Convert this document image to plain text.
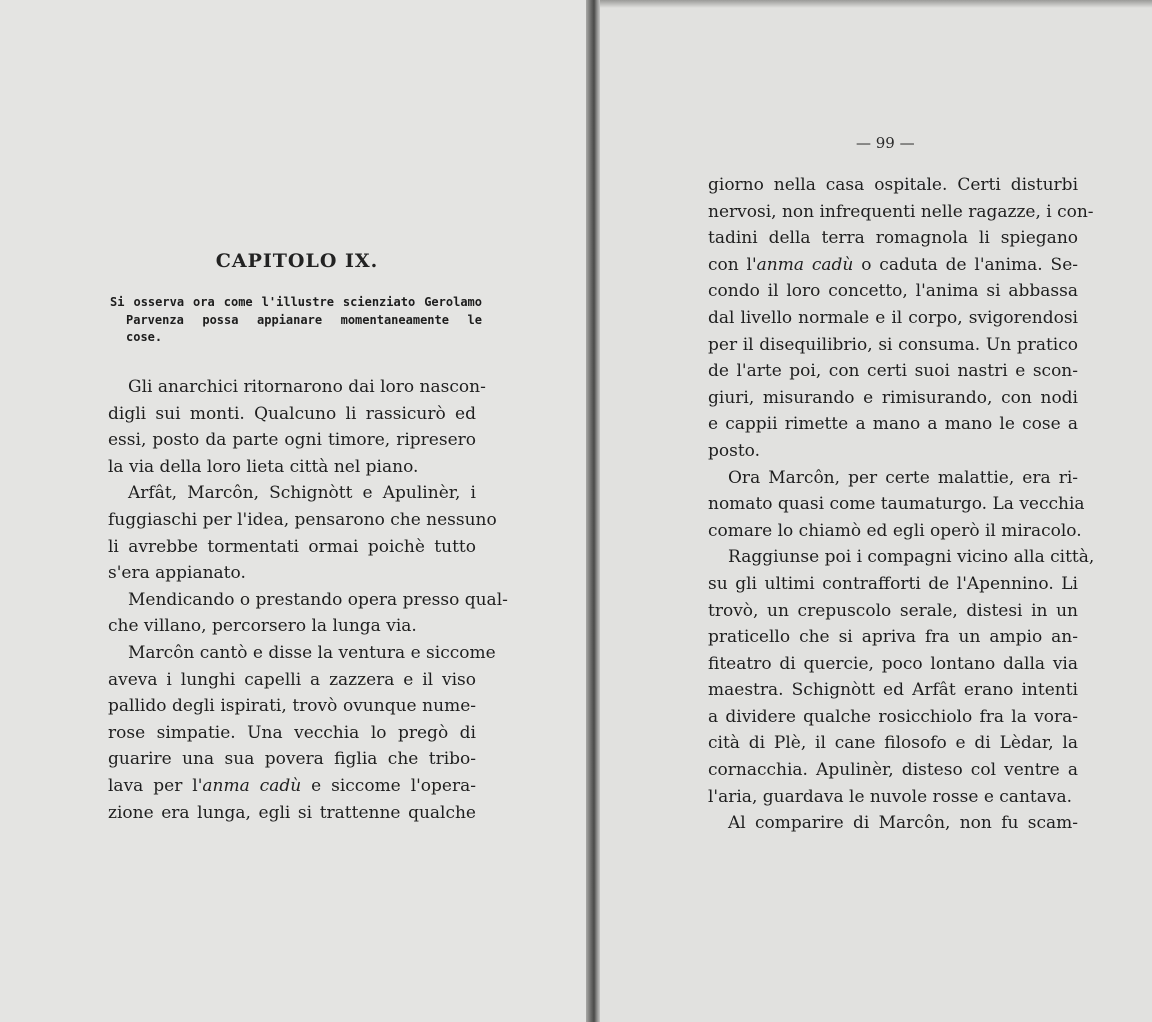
CAPITOLO IX.
Si osserva ora come l'illustre scienziato Gerolamo
Parvenza possa appianare momentaneamente le
cose.
Gli anarchici ritornarono dai loro nascon-
digli sui monti. Qualcuno li rassicurò ed
essi, posto da parte ogni timore, ripresero
la via della loro lieta città nel piano.
Arfât, Marcôn, Schignòtt e Apulinèr, i
fuggiaschi per l'idea, pensarono che nessuno
li avrebbe tormentati ormai poichè tutto
s'era appianato.
Mendicando o prestando opera presso qual-
che villano, percorsero la lunga via.
Marcôn cantò e disse la ventura e siccome
aveva i lunghi capelli a zazzera e il viso
pallido degli ispirati, trovò ovunque nume-
rose simpatie. Una vecchia lo pregò di
guarire una sua povera figlia che tribo-
lava per l'anma cadù e siccome l'opera-
zione era lunga, egli si trattenne qualche

— 99 —

giorno nella casa ospitale. Certi disturbi
nervosi, non infrequenti nelle ragazze, i con-
tadini della terra romagnola li spiegano
con l'anma cadù o caduta de l'anima. Se-
condo il loro concetto, l'anima si abbassa
dal livello normale e il corpo, svigorendosi
per il disequilibrio, si consuma. Un pratico
de l'arte poi, con certi suoi nastri e scon-
giuri, misurando e rimisurando, con nodi
e cappii rimette a mano a mano le cose a
posto.
Ora Marcôn, per certe malattie, era ri-
nomato quasi come taumaturgo. La vecchia
comare lo chiamò ed egli operò il miracolo.
Raggiunse poi i compagni vicino alla città,
su gli ultimi contrafforti de l'Apennino. Li
trovò, un crepuscolo serale, distesi in un
praticello che si apriva fra un ampio an-
fiteatro di quercie, poco lontano dalla via
maestra. Schignòtt ed Arfât erano intenti
a dividere qualche rosicchiolo fra la vora-
cità di Plè, il cane filosofo e di Lèdar, la
cornacchia. Apulinèr, disteso col ventre a
l'aria, guardava le nuvole rosse e cantava.
Al comparire di Marcôn, non fu scam-
